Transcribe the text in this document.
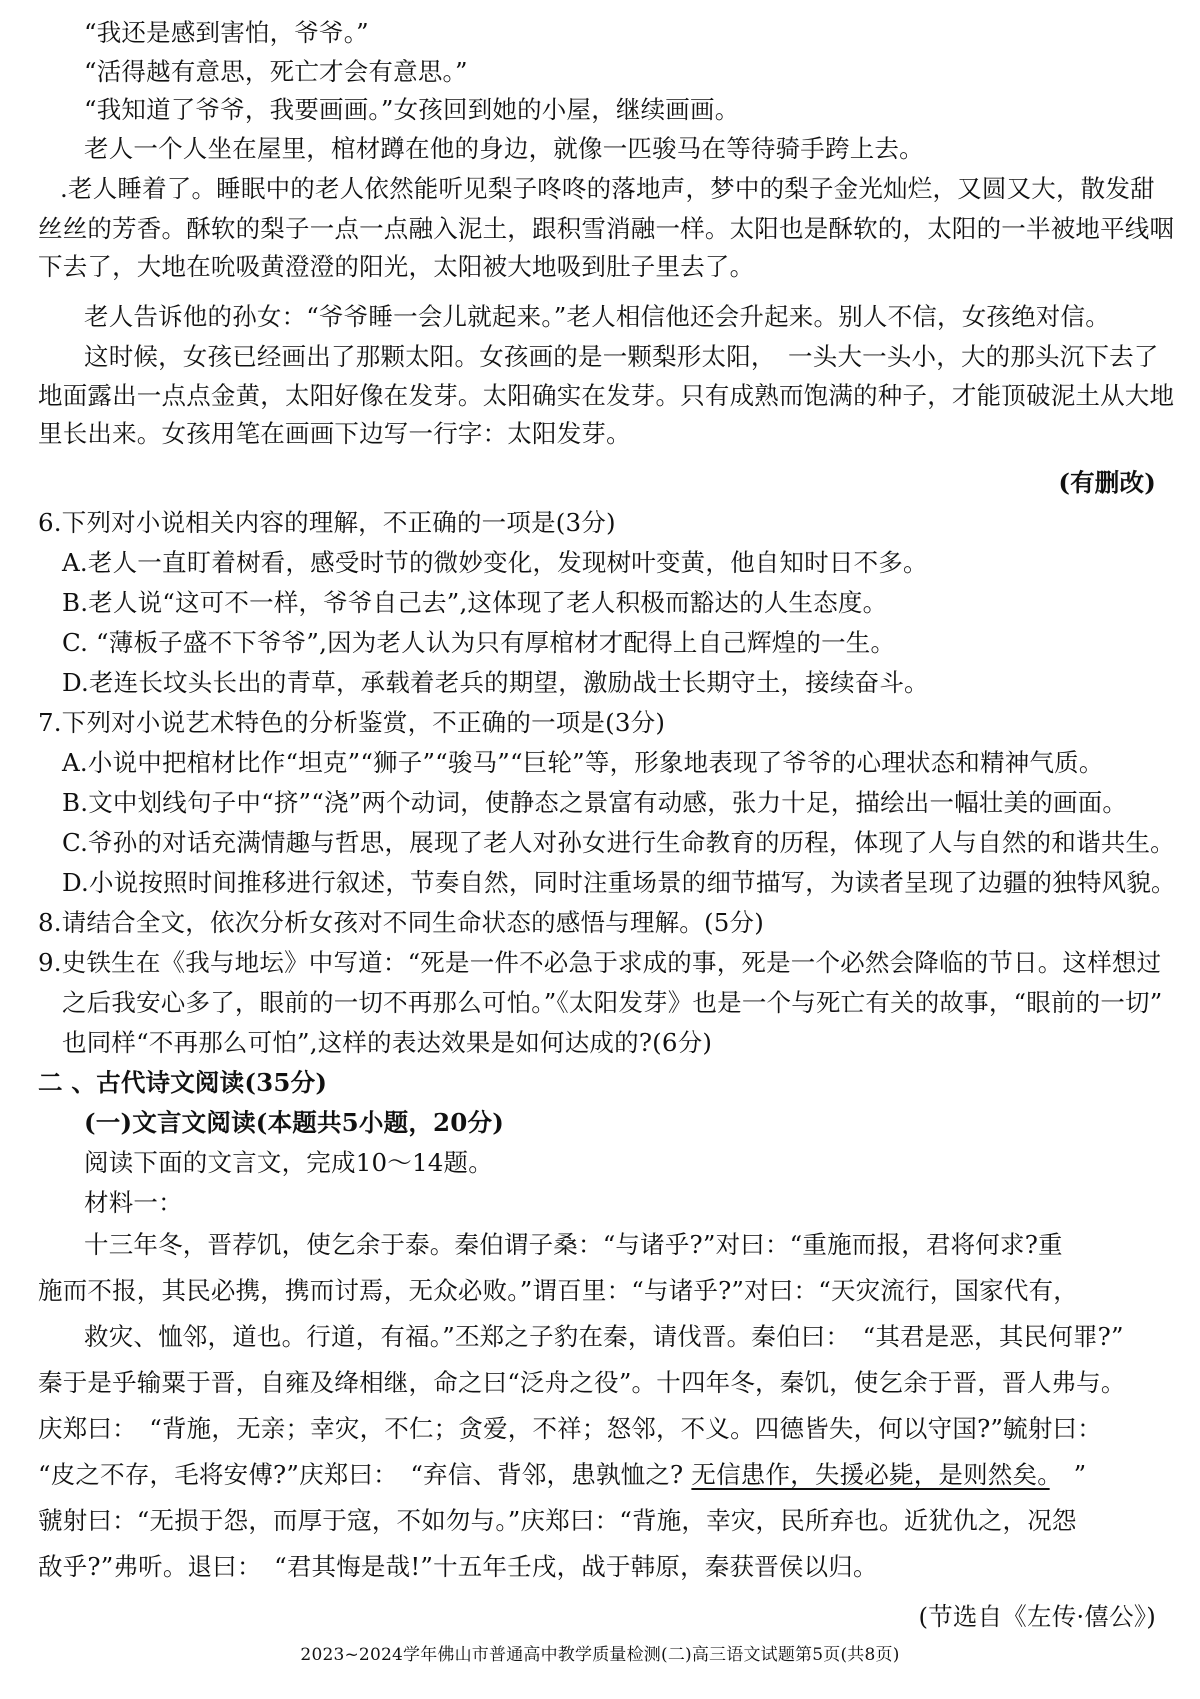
“我还是感到害怕，爷爷。”
“活得越有意思，死亡才会有意思。”
“我知道了爷爷，我要画画。”女孩回到她的小屋，继续画画。
老人一个人坐在屋里，棺材蹲在他的身边，就像一匹骏马在等待骑手跨上去。
.老人睡着了。睡眠中的老人依然能听见梨子咚咚的落地声，梦中的梨子金光灿烂，又圆又大，散发甜
丝丝的芳香。酥软的梨子一点一点融入泥土，跟积雪消融一样。太阳也是酥软的，太阳的一半被地平线咽
下去了，大地在吮吸黄澄澄的阳光，太阳被大地吸到肚子里去了。
老人告诉他的孙女：“爷爷睡一会儿就起来。”老人相信他还会升起来。别人不信，女孩绝对信。
这时候，女孩已经画出了那颗太阳。女孩画的是一颗梨形太阳，　一头大一头小，大的那头沉下去了
地面露出一点点金黄，太阳好像在发芽。太阳确实在发芽。只有成熟而饱满的种子，才能顶破泥土从大地
里长出来。女孩用笔在画画下边写一行字：太阳发芽。
(有删改)
6.下列对小说相关内容的理解，不正确的一项是(3分)
A.老人一直盯着树看，感受时节的微妙变化，发现树叶变黄，他自知时日不多。
B.老人说“这可不一样，爷爷自己去”,这体现了老人积极而豁达的人生态度。
C. “薄板子盛不下爷爷”,因为老人认为只有厚棺材才配得上自己辉煌的一生。
D.老连长坟头长出的青草，承载着老兵的期望，激励战士长期守土，接续奋斗。
7.下列对小说艺术特色的分析鉴赏，不正确的一项是(3分)
A.小说中把棺材比作“坦克”“狮子”“骏马”“巨轮”等，形象地表现了爷爷的心理状态和精神气质。
B.文中划线句子中“挤”“浇”两个动词，使静态之景富有动感，张力十足，描绘出一幅壮美的画面。
C.爷孙的对话充满情趣与哲思，展现了老人对孙女进行生命教育的历程，体现了人与自然的和谐共生。
D.小说按照时间推移进行叙述，节奏自然，同时注重场景的细节描写，为读者呈现了边疆的独特风貌。
8.请结合全文，依次分析女孩对不同生命状态的感悟与理解。(5分)
9.史铁生在《我与地坛》中写道：“死是一件不必急于求成的事，死是一个必然会降临的节日。这样想过
之后我安心多了，眼前的一切不再那么可怕。”《太阳发芽》也是一个与死亡有关的故事，“眼前的一切”
也同样“不再那么可怕”,这样的表达效果是如何达成的?(6分)
二 、古代诗文阅读(35分)
(一)文言文阅读(本题共5小题，20分)
阅读下面的文言文，完成10～14题。
材料一：
十三年冬，晋荐饥，使乞余于泰。秦伯谓子桑：“与诸乎?”对曰：“重施而报，君将何求?重
施而不报，其民必携，携而讨焉，无众必败。”谓百里：“与诸乎?”对曰：“天灾流行，国家代有，
救灾、恤邻，道也。行道，有福。”丕郑之子豹在秦，请伐晋。秦伯曰：　“其君是恶，其民何罪?”
秦于是乎输粟于晋，自雍及绛相继，命之曰“泛舟之役”。十四年冬，秦饥，使乞余于晋，晋人弗与。
庆郑曰：　“背施，无亲；幸灾，不仁；贪爱，不祥；怒邻，不义。四德皆失，何以守国?”毓射曰：
“皮之不存，毛将安傅?”庆郑曰：　“弃信、背邻，患孰恤之? 无信患作，失援必毙，是则然矣。 ”
虢射曰：“无损于怨，而厚于寇，不如勿与。”庆郑曰：“背施，幸灾，民所弃也。近犹仇之，况怨
敌乎?”弗听。退曰：　“君其悔是哉!”十五年壬戌，战于韩原，秦获晋侯以归。
(节选自《左传·僖公》)
2023~2024学年佛山市普通高中教学质量检测(二)高三语文试题第5页(共8页)
